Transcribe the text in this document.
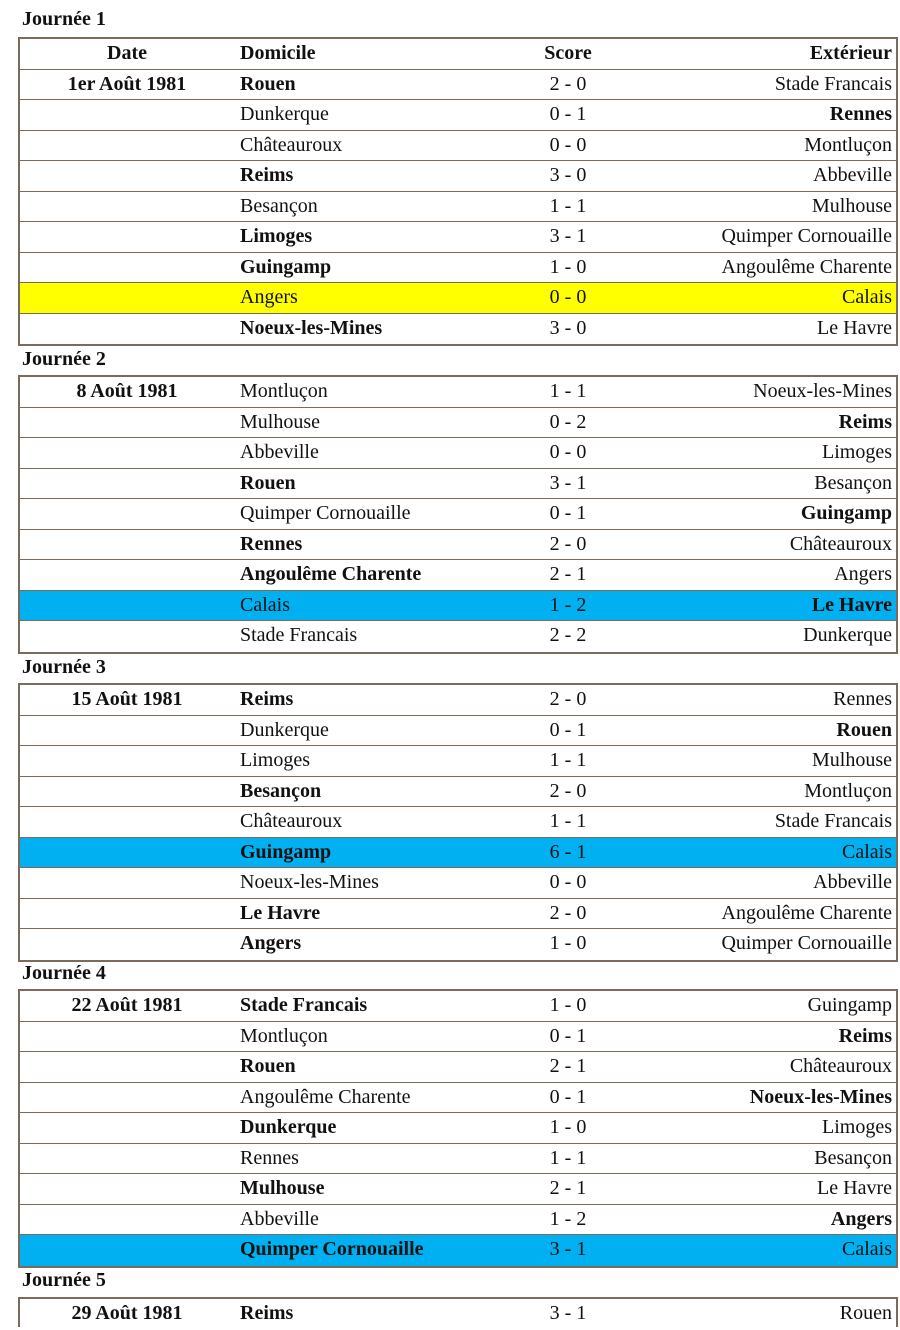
Journée 1
Date	Domicile	Score	Extérieur
1er Août 1981	Rouen	2 - 0	Stade Francais
Dunkerque	0 - 1	Rennes
Châteauroux	0 - 0	Montluçon
Reims	3 - 0	Abbeville
Besançon	1 - 1	Mulhouse
Limoges	3 - 1	Quimper Cornouaille
Guingamp	1 - 0	Angoulême Charente
Angers	0 - 0	Calais
Noeux-les-Mines	3 - 0	Le Havre
Journée 2
8 Août 1981	Montluçon	1 - 1	Noeux-les-Mines
Mulhouse	0 - 2	Reims
Abbeville	0 - 0	Limoges
Rouen	3 - 1	Besançon
Quimper Cornouaille	0 - 1	Guingamp
Rennes	2 - 0	Châteauroux
Angoulême Charente	2 - 1	Angers
Calais	1 - 2	Le Havre
Stade Francais	2 - 2	Dunkerque
Journée 3
15 Août 1981	Reims	2 - 0	Rennes
Dunkerque	0 - 1	Rouen
Limoges	1 - 1	Mulhouse
Besançon	2 - 0	Montluçon
Châteauroux	1 - 1	Stade Francais
Guingamp	6 - 1	Calais
Noeux-les-Mines	0 - 0	Abbeville
Le Havre	2 - 0	Angoulême Charente
Angers	1 - 0	Quimper Cornouaille
Journée 4
22 Août 1981	Stade Francais	1 - 0	Guingamp
Montluçon	0 - 1	Reims
Rouen	2 - 1	Châteauroux
Angoulême Charente	0 - 1	Noeux-les-Mines
Dunkerque	1 - 0	Limoges
Rennes	1 - 1	Besançon
Mulhouse	2 - 1	Le Havre
Abbeville	1 - 2	Angers
Quimper Cornouaille	3 - 1	Calais
Journée 5
29 Août 1981	Reims	3 - 1	Rouen
